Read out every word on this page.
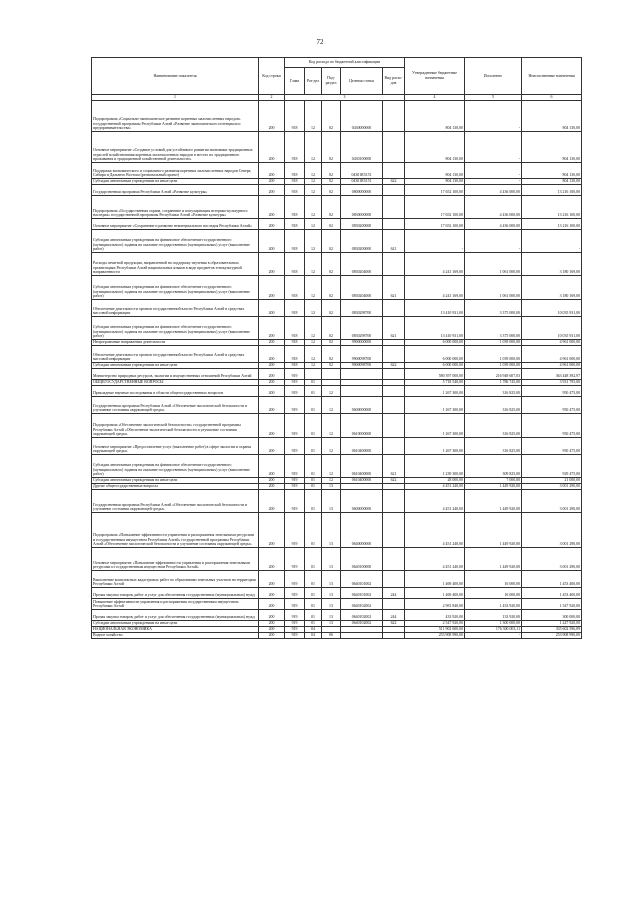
72
Наименование показателя	Код строки	Код расхода по бюджетной классификации					Утвержденные бюджетные назначения	Исполнено	Неисполненные назначения
		Глава	Раз-дел	Под-раздел	Целевая статья	Вид расхо-дов			
1	2	3					4	5	6
Подпрограмма «Социально-экономическое развитие коренных малочисленных народов» государственной программы Республики Алтай «Развитие экономического потенциала и предпринимательства»	200	918	12	02	0430000000		804 130,00	-	804 130,00
Основное мероприятие «Создание условий для устойчивого развития экономики традиционных отраслей хозяйствования коренных малочисленных народов в местах их традиционного проживания и традиционной хозяйственной деятельности»	200	918	12	02	0430100000		804 130,00	-	804 130,00
Поддержка экономического и социального развития коренных малочисленных народов Севера, Сибири и Дальнего Востока (региональный проект)	200	918	12	02	04301R5151		804 130,00	-	804 130,00
Субсидии автономным учреждениям на иные цели	200	918	12	02	04301R5151	622	804 130,00	-	804 130,00
Государственная программа Республики Алтай «Развитие культуры»	200	918	12	02	0800000000		17 652 100,00	4 436 000,00	13 216 100,00
Подпрограмма «Государственная охрана, сохранение и популяризация историко-культурного наследия» государственной программы Республики Алтай «Развитие культуры»	200	918	12	02	0830000000		17 652 100,00	4 436 000,00	13 216 100,00
Основное мероприятие «Сохранение и развитие нематериального наследия Республики Алтай»	200	918	12	02	0830200000		17 652 100,00	4 436 000,00	13 216 100,00
Субсидии автономным учреждениям на финансовое обеспечение государственного (муниципального) задания на оказание государственных (муниципальных) услуг (выполнение работ)	200	918	12	02	0830200000	621	-	-	-
Расходы печатной продукции, направленной на поддержку изучения в образовательных организациях Республики Алтай национальных языков в виде предметов этнокультурной направленности	200	918	12	02	0830204000		4 241 169,00	1 061 000,00	3 180 169,00
Субсидии автономным учреждениям на финансовое обеспечение государственного (муниципального) задания на оказание государственных (муниципальных) услуг (выполнение работ)	200	918	12	02	0830204000	621	4 241 169,00	1 061 000,00	3 180 169,00
Обеспечение деятельности органов государственной власти Республики Алтай в средствах массовой информации	200	918	12	02	0830298700		13 410 931,00	3 375 000,00	10 035 931,00
Субсидии автономным учреждениям на финансовое обеспечение государственного (муниципального) задания на оказание государственных (муниципальных) услуг (выполнение работ)	200	918	12	02	0830298700	621	13 410 931,00	3 375 000,00	10 035 931,00
Непрограммные направления деятельности	200	918	12	02	9900000000		6 000 000,00	1 039 000,00	4 961 000,00
Обеспечение деятельности органов государственной власти Республики Алтай в средствах массовой информации	200	918	12	02	9900098700		6 000 000,00	1 039 000,00	4 961 000,00
Субсидии автономным учреждениям на иные цели	200	918	12	02	9900098700	622	6 000 000,00	1 039 000,00	4 961 000,00
Министерство природных ресурсов, экологии и имущественных отношений Республики Алтай	200	919					580 397 000,00	216 948 607,03	363 448 392,97
ОБЩЕГОСУДАРСТВЕННЫЕ ВОПРОСЫ	200	919	01				5 718 540,00	1 786 745,00	3 931 795,00
Прикладные научные исследования в области общегосударственных вопросов	200	919	01	12			1 267 300,00	316 825,00	950 475,00
Государственная программа Республики Алтай «Обеспечение экологической безопасности и улучшение состояния окружающей среды»	200	919	01	12	0600000000		1 267 300,00	316 825,00	950 475,00
Подпрограмма «Обеспечение экологической безопасности» государственной программы Республики Алтай «Обеспечение экологической безопасности и улучшение состояния окружающей среды»	200	919	01	12	0610000000		1 267 300,00	316 825,00	950 475,00
Основное мероприятие «Предоставление услуг (выполнение работ) в сфере экологии и охраны окружающей среды»	200	919	01	12	0610400000		1 267 300,00	316 825,00	950 475,00
Субсидии автономным учреждениям на финансовое обеспечение государственного (муниципального) задания на оказание государственных (муниципальных) услуг (выполнение работ)	200	919	01	12	0610400000	621	1 239 300,00	309 825,00	929 475,00
Субсидии автономным учреждениям на иные цели	200	919	01	12	0610400000	622	28 000,00	7 000,00	21 000,00
Другие общегосударственные вопросы	200	919	01	13			4 451 240,00	1 449 920,00	3 001 290,00
Государственная программа Республики Алтай «Обеспечение экологической безопасности и улучшение состояния окружающей среды»	200	919	01	13	0600000000		4 451 240,00	1 449 920,00	3 001 290,00
Подпрограмма «Повышение эффективности управления и распоряжения земельными ресурсами и государственным имуществом Республики Алтай» государственной программы Республики Алтай «Обеспечение экологической безопасности и улучшение состояния окружающей среды»	200	919	01	13	0640000000		4 451 240,00	1 449 920,00	3 001 290,00
Основное мероприятие «Повышение эффективности управления и распоряжения земельными ресурсами и государственным имуществом Республики Алтай»	200	919	01	13	0640100000		4 451 240,00	1 449 920,00	3 001 290,00
Выполнение комплексных кадастровых работ по образованию земельных участков на территории Республики Алтай	200	919	01	13	0640101002		1 469 400,00	16 000,00	1 453 400,00
Прочая закупка товаров, работ и услуг для обеспечения государственных (муниципальных) нужд	200	919	01	13	0640101002	244	1 469 400,00	16 000,00	1 453 400,00
Повышение эффективности управления и распоряжения государственным имуществом Республики Алтай	200	919	01	13	0640102002		2 981 840,00	1 433 920,00	1 547 920,00
Прочая закупка товаров, работ и услуг для обеспечения государственных (муниципальных) нужд	200	919	01	13	0640102002	244	433 920,00	133 920,00	300 000,00
Субсидии автономным учреждениям на иные цели	200	919	01	13	0640102002	622	2 547 920,00	1 300 000,00	1 247 920,00
НАЦИОНАЛЬНАЯ ЭКОНОМИКА	200	919	04				511 902 600,00	176 300 003,11	335 602 596,89
Водное хозяйство	200	919	04	06			253 908 990,00	-	253 908 990,00
